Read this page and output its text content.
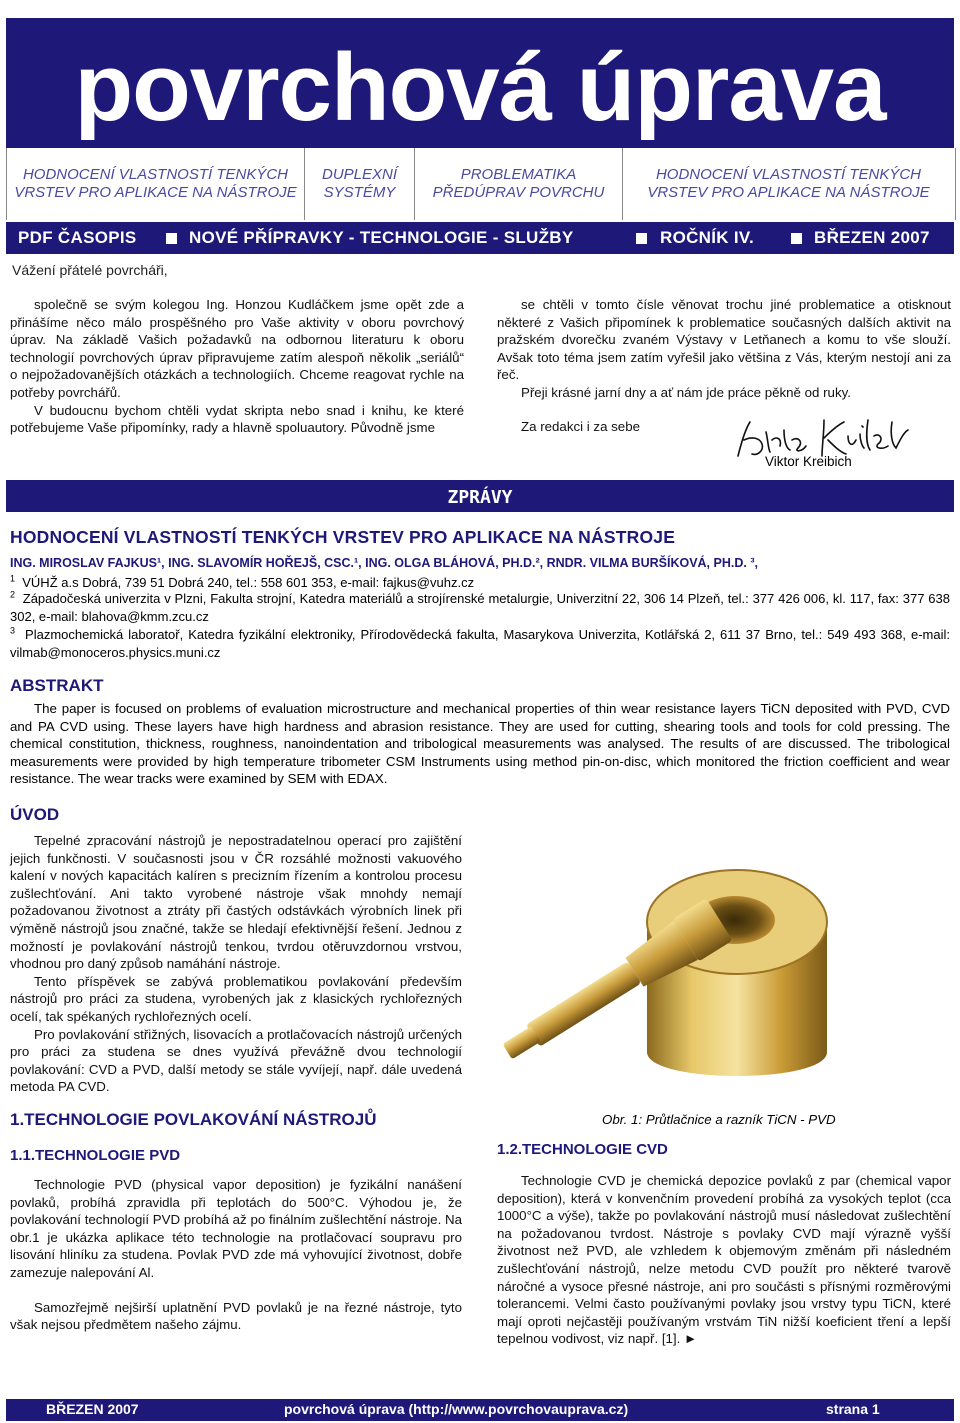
povrchová úprava
HODNOCENÍ VLASTNOSTÍ TENKÝCH VRSTEV PRO APLIKACE NA NÁSTROJE
DUPLEXNÍ SYSTÉMY
PROBLEMATIKA PŘEDÚPRAV POVRCHU
HODNOCENÍ VLASTNOSTÍ TENKÝCH VRSTEV PRO APLIKACE NA NÁSTROJE
PDF ČASOPIS	NOVÉ PŘÍPRAVKY - TECHNOLOGIE - SLUŽBY	ROČNÍK IV.	BŘEZEN 2007
Vážení přátelé povrcháři,

společně se svým kolegou Ing. Honzou Kudláčkem jsme opět zde a přinášíme něco málo prospěšného pro Vaše aktivity v oboru povrchový úprav. Na základě Vašich požadavků na odbornou literaturu k oboru technologií povrchových úprav připravujeme zatím alespoň několik „seriálů“ o nejpožadovanějších otázkách a technologiích. Chceme reagovat rychle na potřeby povrchářů.

V budoucnu bychom chtěli vydat skripta nebo snad i knihu, ke které potřebujeme Vaše připomínky, rady a hlavně spoluautory. Původně jsme

se chtěli v tomto čísle věnovat trochu jiné problematice a otisknout některé z Vašich připomínek k problematice současných dalších aktivit na pražském dvorečku zvaném Výstavy v Letňanech a komu to vše slouží. Avšak toto téma jsem zatím vyřešil jako většina z Vás, kterým nestojí ani za řeč.

Přeji krásné jarní dny a ať nám jde práce pěkně od ruky.

Za redakci i za sebe

Viktor Kreibich
ZPRÁVY
HODNOCENÍ VLASTNOSTÍ TENKÝCH VRSTEV PRO APLIKACE NA NÁSTROJE
ING. MIROSLAV FAJKUS¹, ING. SLAVOMÍR HOŘEJŠ, CSC.¹, ING. OLGA BLÁHOVÁ, PH.D.², RNDR. VILMA BURŠÍKOVÁ, PH.D. ³,
$^1$ VÚHŽ a.s Dobrá, 739 51 Dobrá 240, tel.: 558 601 353, e-mail: fajkus@vuhz.cz
$^2$ Západočeská univerzita v Plzni, Fakulta strojní, Katedra materiálů a strojírenské metalurgie, Univerzitní 22, 306 14 Plzeň, tel.: 377 426 006, kl. 117, fax: 377 638 302, e-mail: blahova@kmm.zcu.cz
$^3$ Plazmochemická laboratoř, Katedra fyzikální elektroniky, Přírodovědecká fakulta, Masarykova Univerzita, Kotlářská 2, 611 37 Brno, tel.: 549 493 368, e-mail: vilmab@monoceros.physics.muni.cz
ABSTRAKT

The paper is focused on problems of evaluation microstructure and mechanical properties of thin wear resistance layers TiCN deposited with PVD, CVD and PA CVD using. These layers have high hardness and abrasion resistance. They are used for cutting, shearing tools and tools for cold pressing. The chemical constitution, thickness, roughness, nanoindentation and tribological measurements was analysed. The results of are discussed. The tribological measurements were provided by high temperature tribometer CSM Instruments using method pin-on-disc, which monitored the friction coefficient and wear resistance. The wear tracks were examined by SEM with EDAX.

ÚVOD

Tepelné zpracování nástrojů je nepostradatelnou operací pro zajištění jejich funkčnosti. V současnosti jsou v ČR rozsáhlé možnosti vakuového kalení v nových kapacitách kalíren s precizním řízením a kontrolou procesu zušlechťování. Ani takto vyrobené nástroje však mnohdy nemají požadovanou životnost a ztráty při častých odstávkách výrobních linek při výměně nástrojů jsou značné, takže se hledají efektivnější řešení. Jednou z možností je povlakování nástrojů tenkou, tvrdou otěruvzdornou vrstvou, vhodnou pro daný způsob namáhání nástroje.

Tento příspěvek se zabývá problematikou povlakování především nástrojů pro práci za studena, vyrobených jak z klasických rychlořezných ocelí, tak spékaných rychlořezných ocelí.

Pro povlakování střižných, lisovacích a protlačovacích nástrojů určených pro práci za studena se dnes využívá převážně dvou technologií povlakování: CVD a PVD, další metody se stále vyvíjejí, např. dále uvedená metoda PA CVD.

Obr. 1: Průtlačnice a razník TiCN - PVD
1.TECHNOLOGIE POVLAKOVÁNÍ NÁSTROJŮ
1.1.TECHNOLOGIE PVD

Technologie PVD (physical vapor deposition) je fyzikální nanášení povlaků, probíhá zpravidla při teplotách do 500°C. Výhodou je, že povlakování technologií PVD probíhá až po finálním zušlechtění nástroje. Na obr.1 je ukázka aplikace této technologie na protlačovací soupravu pro lisování hliníku za studena. Povlak PVD zde má vyhovující životnost, dobře zamezuje nalepování Al.

Samozřejmě nejširší uplatnění PVD povlaků je na řezné nástroje, tyto však nejsou předmětem našeho zájmu.

1.2.TECHNOLOGIE CVD

Technologie CVD je chemická depozice povlaků z par (chemical vapor deposition), která v konvenčním provedení probíhá za vysokých teplot (cca 1000°C a výše), takže po povlakování nástrojů musí následovat zušlechtění na požadovanou tvrdost. Nástroje s povlaky CVD mají výrazně vyšší životnost než PVD, ale vzhledem k objemovým změnám při následném zušlechťování nástrojů, nelze metodu CVD použít pro některé tvarově náročné a vysoce přesné nástroje, ani pro součásti s přísnými rozměrovými tolerancemi. Velmi často používanými povlaky jsou vrstvy typu TiCN, které mají oproti nejčastěji používaným vrstvám TiN nižší koeficient tření a lepší tepelnou vodivost, viz např. [1]. ►

BŘEZEN 2007	povrchová úprava (http://www.povrchovauprava.cz)	strana 1
